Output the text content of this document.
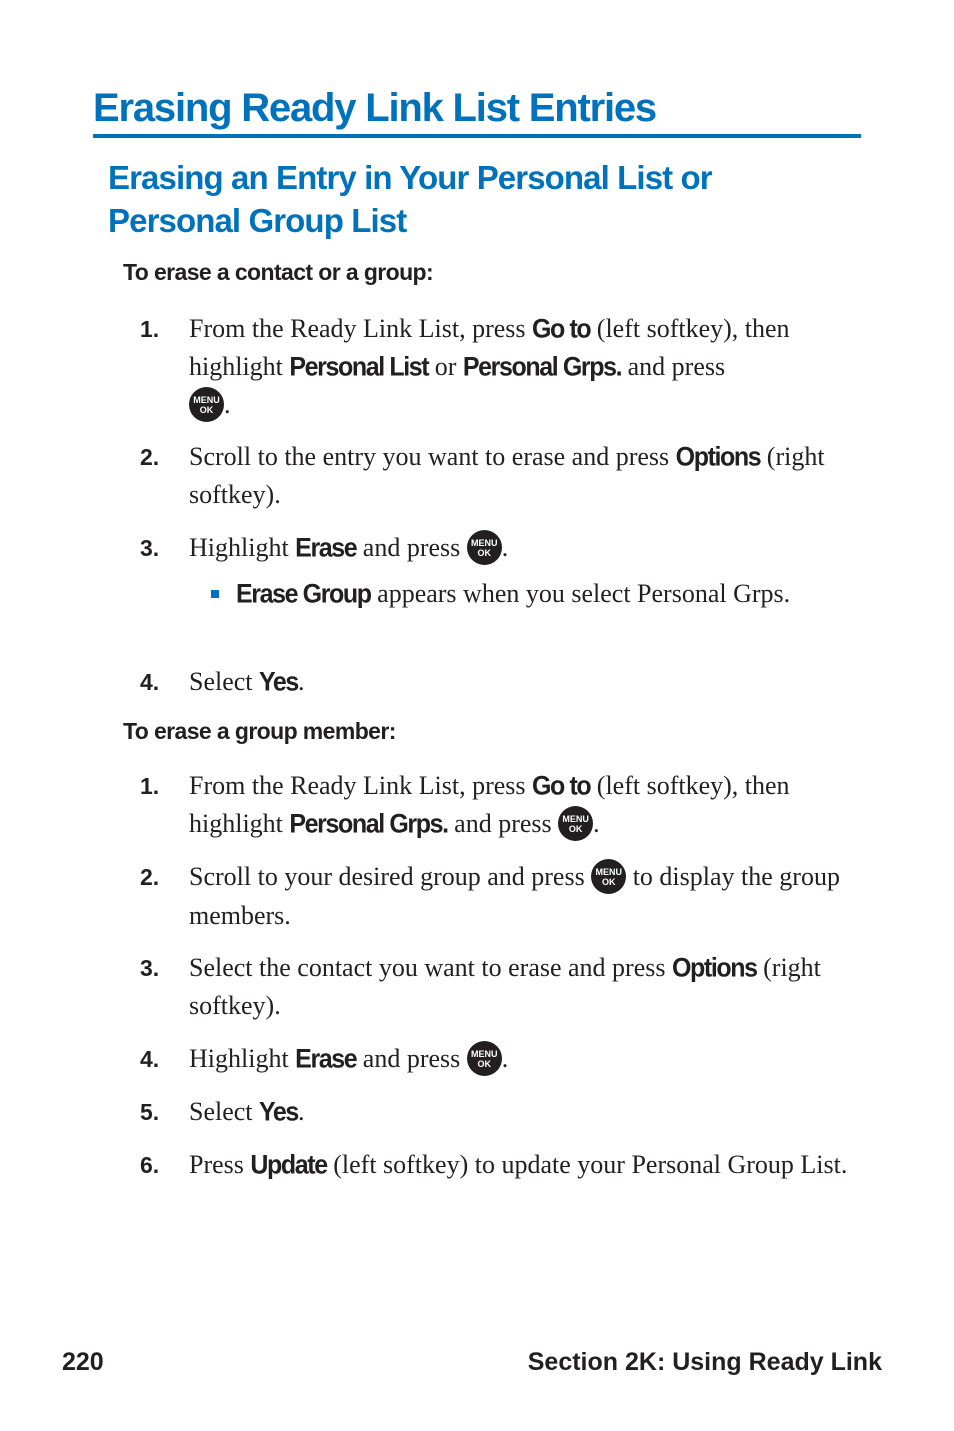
Erasing Ready Link List Entries
Erasing an Entry in Your Personal List or
Personal Group List
To erase a contact or a group:
1. From the Ready Link List, press Go to (left softkey), then highlight Personal List or Personal Grps. and press

MENU
OK .
2. Scroll to the entry you want to erase and press Options (right softkey).
3. Highlight Erase and press MENU
OK .
Erase Group appears when you select Personal Grps.
4. Select Yes.
To erase a group member:
1. From the Ready Link List, press Go to (left softkey), then highlight Personal Grps. and press MENU
OK .
2. Scroll to your desired group and press MENU
OK to display the group members.
3. Select the contact you want to erase and press Options (right softkey).
4. Highlight Erase and press MENU
OK .
5. Select Yes.
6. Press Update (left softkey) to update your Personal Group List.
220	Section 2K: Using Ready Link
